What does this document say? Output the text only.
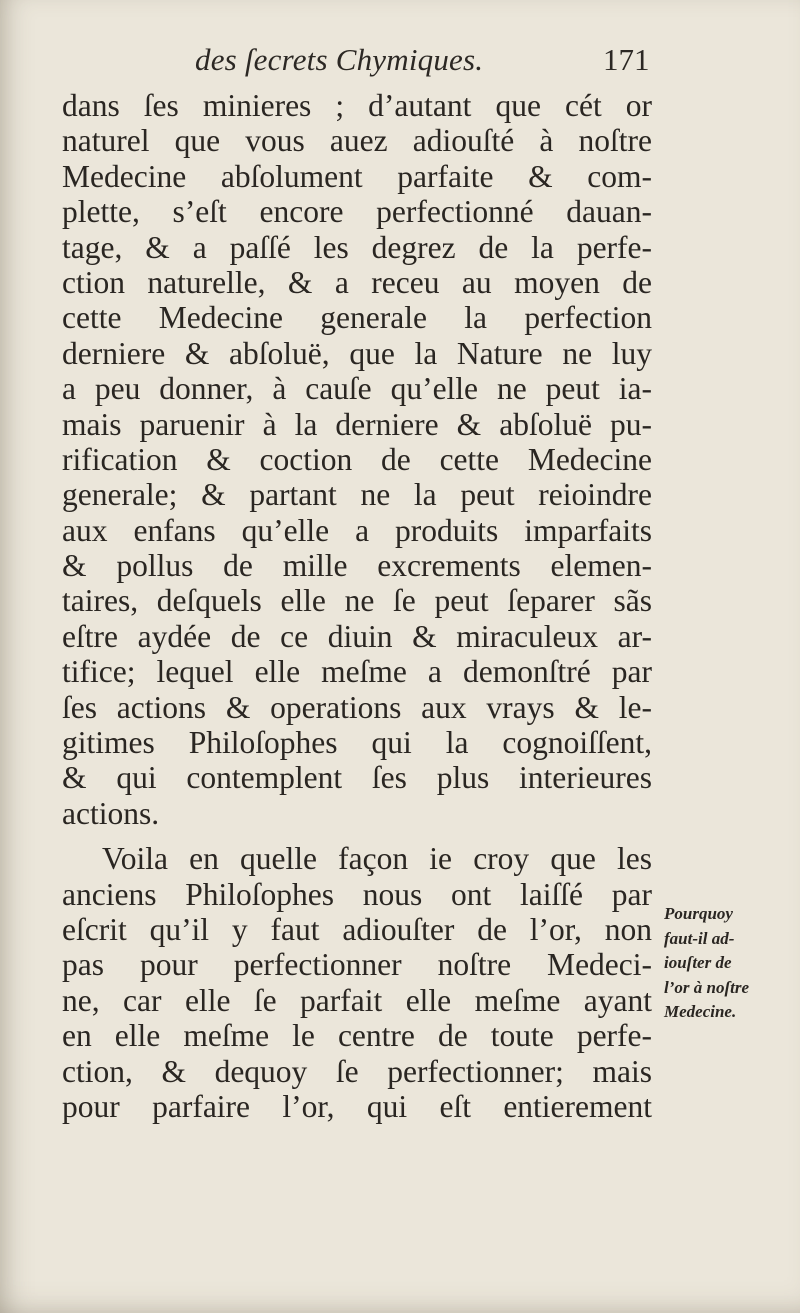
des ſecrets Chymiques.	171
dans ſes minieres ; d’autant que cét or
naturel que vous auez adiouſté à noſtre
Medecine abſolument parfaite & com-
plette, s’eſt encore perfectionné dauan-
tage, & a paſſé les degrez de la perfe-
ction naturelle, & a receu au moyen de
cette Medecine generale la perfection
derniere & abſoluë, que la Nature ne luy
a peu donner, à cauſe qu’elle ne peut ia-
mais paruenir à la derniere & abſoluë pu-
rification & coction de cette Medecine
generale; & partant ne la peut reioindre
aux enfans qu’elle a produits imparfaits
& pollus de mille excrements elemen-
taires, deſquels elle ne ſe peut ſeparer sãs
eſtre aydée de ce diuin & miraculeux ar-
tifice; lequel elle meſme a demonſtré par
ſes actions & operations aux vrays & le-
gitimes Philoſophes qui la cognoiſſent,
& qui contemplent ſes plus interieures
actions.
Voila en quelle façon ie croy que les
anciens Philoſophes nous ont laiſſé par
eſcrit qu’il y faut adiouſter de l’or, non
pas pour perfectionner noſtre Medeci-
ne, car elle ſe parfait elle meſme ayant
en elle meſme le centre de toute perfe-
ction, & dequoy ſe perfectionner; mais
pour parfaire l’or, qui eſt entierement
Pourquoy
faut-il ad-
iouſter de
l’or à noſtre
Medecine.
